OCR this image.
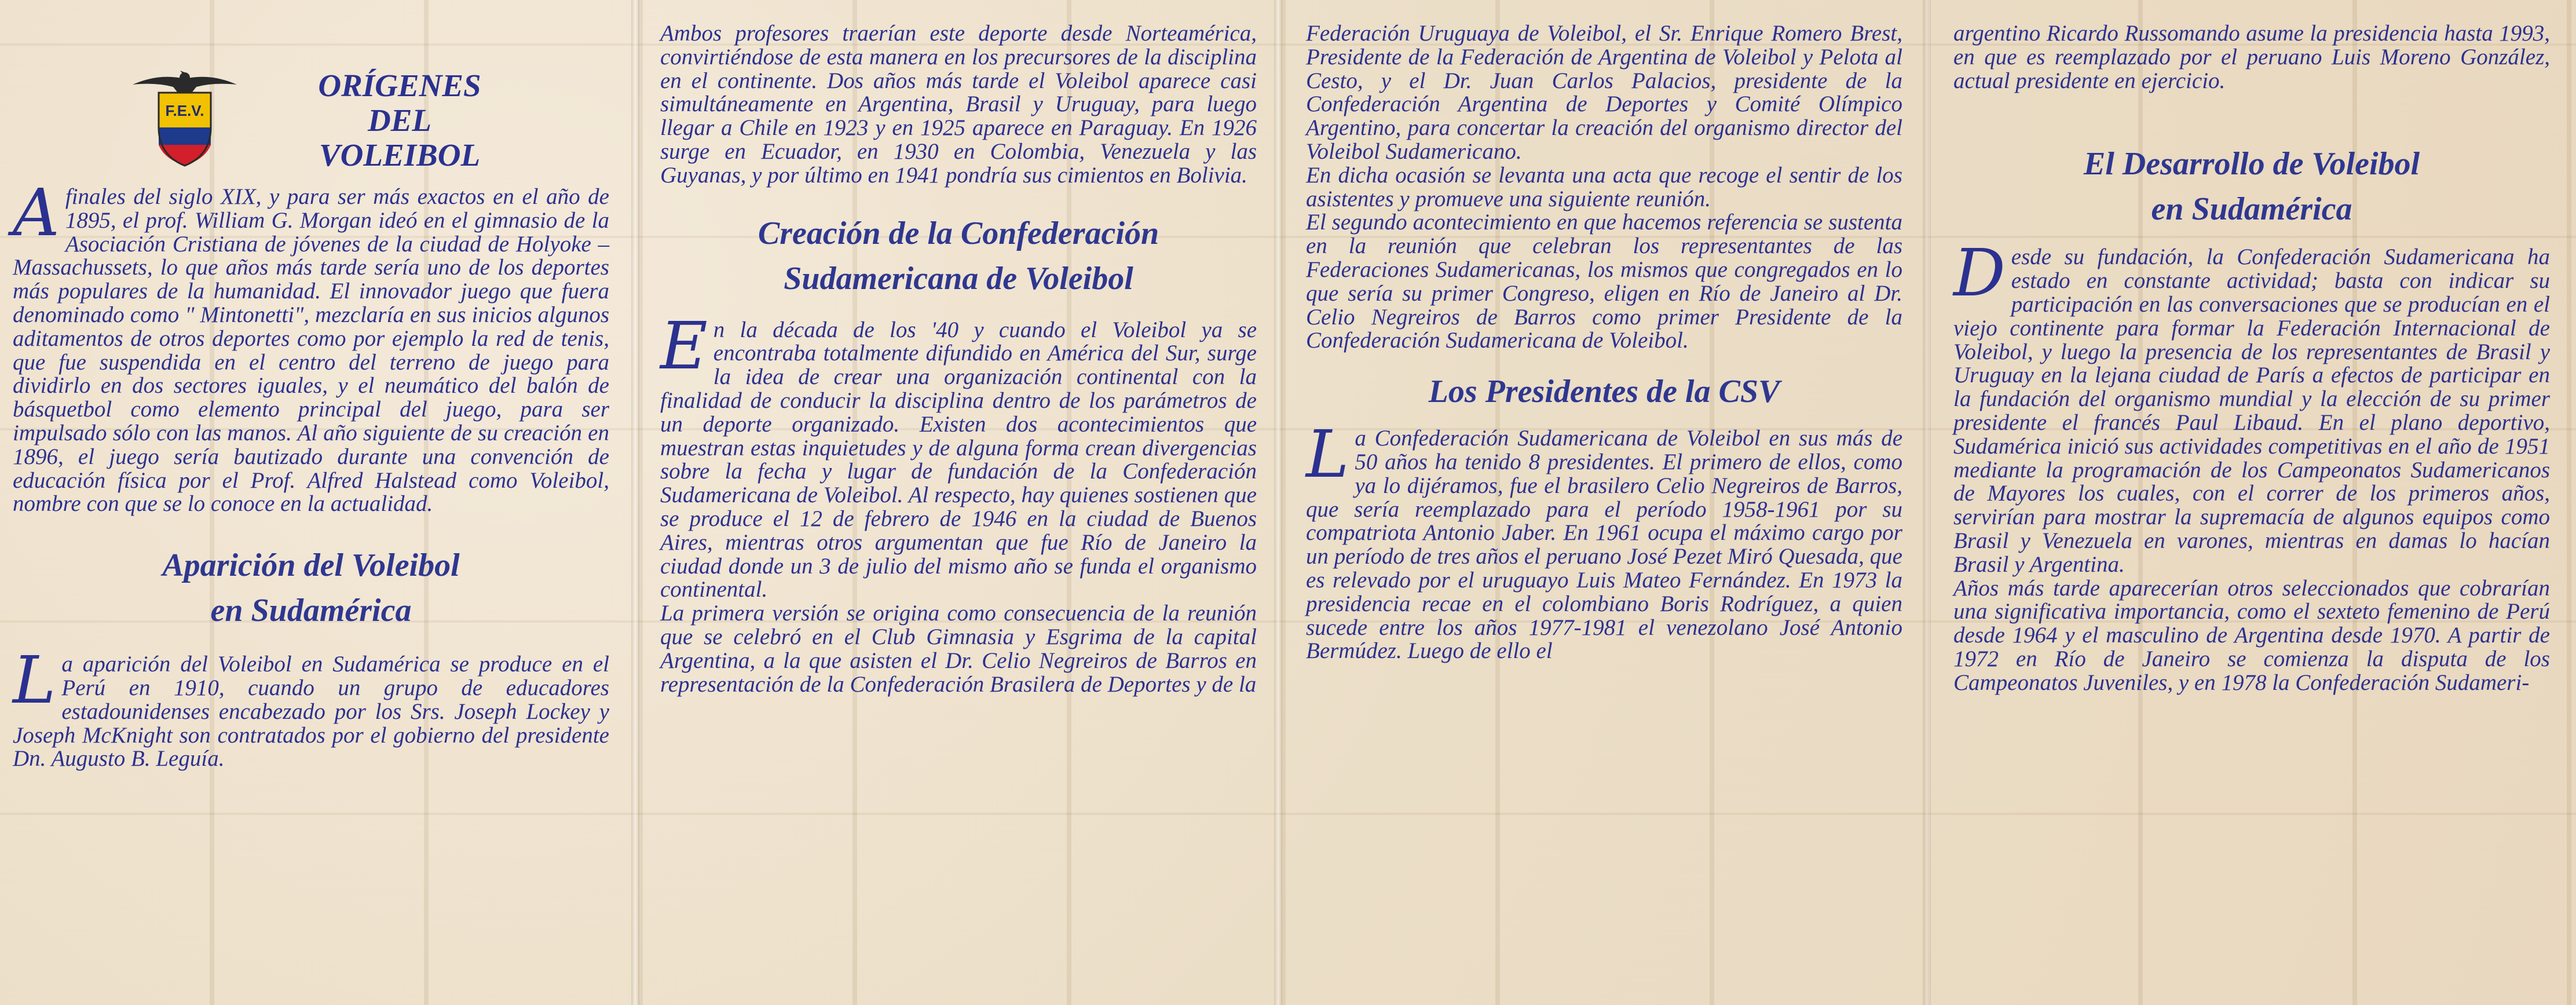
F.E.V.
ORÍGENES
DEL
VOLEIBOL

Afinales del siglo XIX, y para ser más exactos en el año de 1895, el prof. William G. Morgan ideó en el gimnasio de la Asociación Cristiana de jóvenes de la ciudad de Holyoke – Massachussets, lo que años más tarde sería uno de los deportes más populares de la humanidad. El innovador juego que fuera denominado como " Mintonetti", mezclaría en sus inicios algunos aditamentos de otros deportes como por ejemplo la red de tenis, que fue suspendida en el centro del terreno de juego para dividirlo en dos sectores iguales, y el neumático del balón de básquetbol como elemento principal del juego, para ser impulsado sólo con las manos. Al año siguiente de su creación en 1896, el juego sería bautizado durante una convención de educación física por el Prof. Alfred Halstead como Voleibol, nombre con que se lo conoce en la actualidad.

Aparición del Voleibol
en Sudamérica

La aparición del Voleibol en Sudamérica se produce en el Perú en 1910, cuando un grupo de educadores estadounidenses encabezado por los Srs. Joseph Lockey y Joseph McKnight son contratados por el gobierno del presidente Dn. Augusto B. Leguía.

Ambos profesores traerían este deporte desde Norteamérica, convirtiéndose de esta manera en los precursores de la disciplina en el continente. Dos años más tarde el Voleibol aparece casi simultáneamente en Argentina, Brasil y Uruguay, para luego llegar a Chile en 1923 y en 1925 aparece en Paraguay. En 1926 surge en Ecuador, en 1930 en Colombia, Venezuela y las Guyanas, y por último en 1941 pondría sus cimientos en Bolivia.

Creación de la Confederación
Sudamericana de Voleibol

En la década de los '40 y cuando el Voleibol ya se encontraba totalmente difundido en América del Sur, surge la idea de crear una organización continental con la finalidad de conducir la disciplina dentro de los parámetros de un deporte organizado. Existen dos acontecimientos que muestran estas inquietudes y de alguna forma crean divergencias sobre la fecha y lugar de fundación de la Confederación Sudamericana de Voleibol. Al respecto, hay quienes sostienen que se produce el 12 de febrero de 1946 en la ciudad de Buenos Aires, mientras otros argumentan que fue Río de Janeiro la ciudad donde un 3 de julio del mismo año se funda el organismo continental.

La primera versión se origina como consecuencia de la reunión que se celebró en el Club Gimnasia y Esgrima de la capital Argentina, a la que asisten el Dr. Celio Negreiros de Barros en representación de la Confederación Brasilera de Deportes y de la

Federación Uruguaya de Voleibol, el Sr. Enrique Romero Brest, Presidente de la Federación de Argentina de Voleibol y Pelota al Cesto, y el Dr. Juan Carlos Palacios, presidente de la Confederación Argentina de Deportes y Comité Olímpico Argentino, para concertar la creación del organismo director del Voleibol Sudamericano.

En dicha ocasión se levanta una acta que recoge el sentir de los asistentes y promueve una siguiente reunión.

El segundo acontecimiento en que hacemos referencia se sustenta en la reunión que celebran los representantes de las Federaciones Sudamericanas, los mismos que congregados en lo que sería su primer Congreso, eligen en Río de Janeiro al Dr. Celio Negreiros de Barros como primer Presidente de la Confederación Sudamericana de Voleibol.

Los Presidentes de la CSV

La Confederación Sudamericana de Voleibol en sus más de 50 años ha tenido 8 presidentes. El primero de ellos, como ya lo dijéramos, fue el brasilero Celio Negreiros de Barros, que sería reemplazado para el período 1958-1961 por su compatriota Antonio Jaber. En 1961 ocupa el máximo cargo por un período de tres años el peruano José Pezet Miró Quesada, que es relevado por el uruguayo Luis Mateo Fernández. En 1973 la presidencia recae en el colombiano Boris Rodríguez, a quien sucede entre los años 1977-1981 el venezolano José Antonio Bermúdez. Luego de ello el

argentino Ricardo Russomando asume la presidencia hasta 1993, en que es reemplazado por el peruano Luis Moreno González, actual presidente en ejercicio.

El Desarrollo de Voleibol
en Sudamérica

Desde su fundación, la Confederación Sudamericana ha estado en constante actividad; basta con indicar su participación en las conversaciones que se producían en el viejo continente para formar la Federación Internacional de Voleibol, y luego la presencia de los representantes de Brasil y Uruguay en la lejana ciudad de París a efectos de participar en la fundación del organismo mundial y la elección de su primer presidente el francés Paul Libaud. En el plano deportivo, Sudamérica inició sus actividades competitivas en el año de 1951 mediante la programación de los Campeonatos Sudamericanos de Mayores los cuales, con el correr de los primeros años, servirían para mostrar la supremacía de algunos equipos como Brasil y Venezuela en varones, mientras en damas lo hacían Brasil y Argentina.

Años más tarde aparecerían otros seleccionados que cobrarían una significativa importancia, como el sexteto femenino de Perú desde 1964 y el masculino de Argentina desde 1970. A partir de 1972 en Río de Janeiro se comienza la disputa de los Campeonatos Juveniles, y en 1978 la Confederación Sudameri-
